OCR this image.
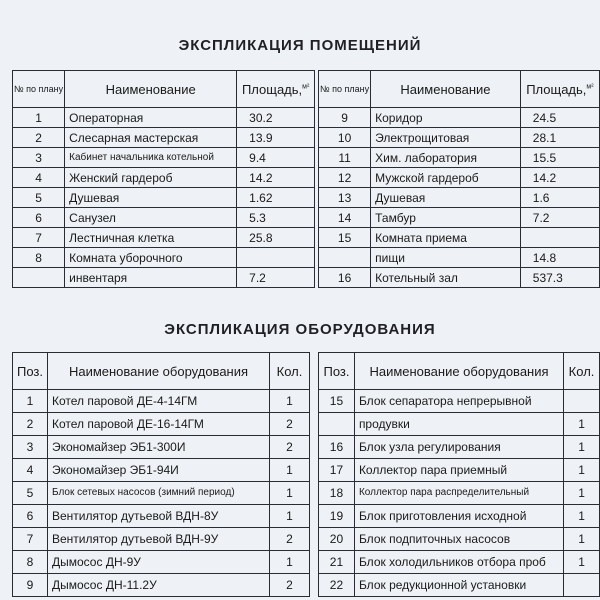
ЭКСПЛИКАЦИЯ ПОМЕЩЕНИЙ
№ по плану	Наименование	Площадь,$^{м^2}$
1	Операторная	30.2
2	Слесарная мастерская	13.9
3	Кабинет начальника котельной	9.4
4	Женский гардероб	14.2
5	Душевая	1.62
6	Санузел	5.3
7	Лестничная клетка	25.8
8	Комната уборочного	
	инвентаря	7.2
№ по плану	Наименование	Площадь,$^{м^2}$
9	Коридор	24.5
10	Электрощитовая	28.1
11	Хим. лаборатория	15.5
12	Мужской гардероб	14.2
13	Душевая	1.6
14	Тамбур	7.2
15	Комната приема	
	пищи	14.8
16	Котельный зал	537.3
ЭКСПЛИКАЦИЯ ОБОРУДОВАНИЯ
Поз.	Наименование оборудования	Кол.
1	Котел паровой ДЕ-4-14ГМ	1
2	Котел паровой ДЕ-16-14ГМ	2
3	Экономайзер ЭБ1-300И	2
4	Экономайзер ЭБ1-94И	1
5	Блок сетевых насосов (зимний период)	1
6	Вентилятор дутьевой ВДН-8У	1
7	Вентилятор дутьевой ВДН-9У	2
8	Дымосос ДН-9У	1
9	Дымосос ДН-11.2У	2
Поз.	Наименование оборудования	Кол.
15	Блок сепаратора непрерывной	
	продувки	1
16	Блок узла регулирования	1
17	Коллектор пара приемный	1
18	Коллектор пара распределительный	1
19	Блок приготовления исходной	1
20	Блок подпиточных насосов	1
21	Блок холодильников отбора проб	1
22	Блок редукционной установки	
